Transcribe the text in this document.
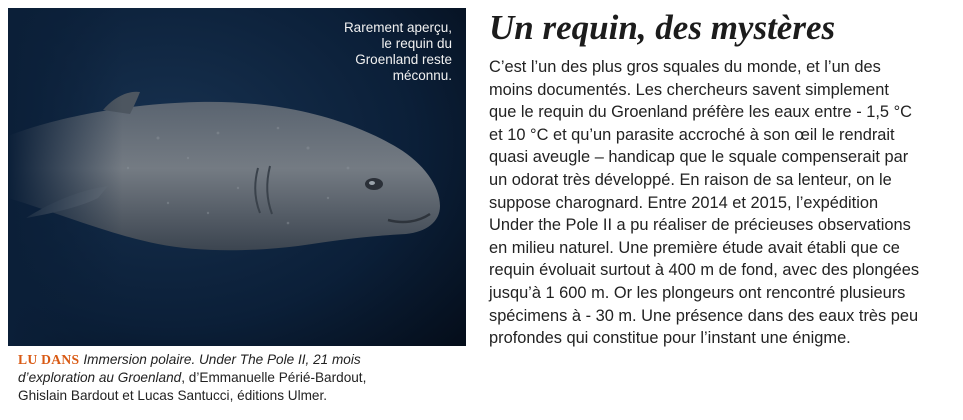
Rarement aperçu,
le requin du
Groenland reste
méconnu.
LU DANS Immersion polaire. Under The Pole II, 21 mois
d’exploration au Groenland, d’Emmanuelle Périé-Bardout,
Ghislain Bardout et Lucas Santucci, éditions Ulmer.
Un requin, des mystères
C’est l’un des plus gros squales du monde, et l’un des
moins documentés. Les chercheurs savent simplement
que le requin du Groenland préfère les eaux entre - 1,5 °C
et 10 °C et qu’un parasite accroché à son œil le rendrait
quasi aveugle – handicap que le squale compenserait par
un odorat très développé. En raison de sa lenteur, on le
suppose charognard. Entre 2014 et 2015, l’expédition
Under the Pole II a pu réaliser de précieuses observations
en milieu naturel. Une première étude avait établi que ce
requin évoluait surtout à 400 m de fond, avec des plongées
jusqu’à 1 600 m. Or les plongeurs ont rencontré plusieurs
spécimens à - 30 m. Une présence dans des eaux très peu
profondes qui constitue pour l’instant une énigme.
